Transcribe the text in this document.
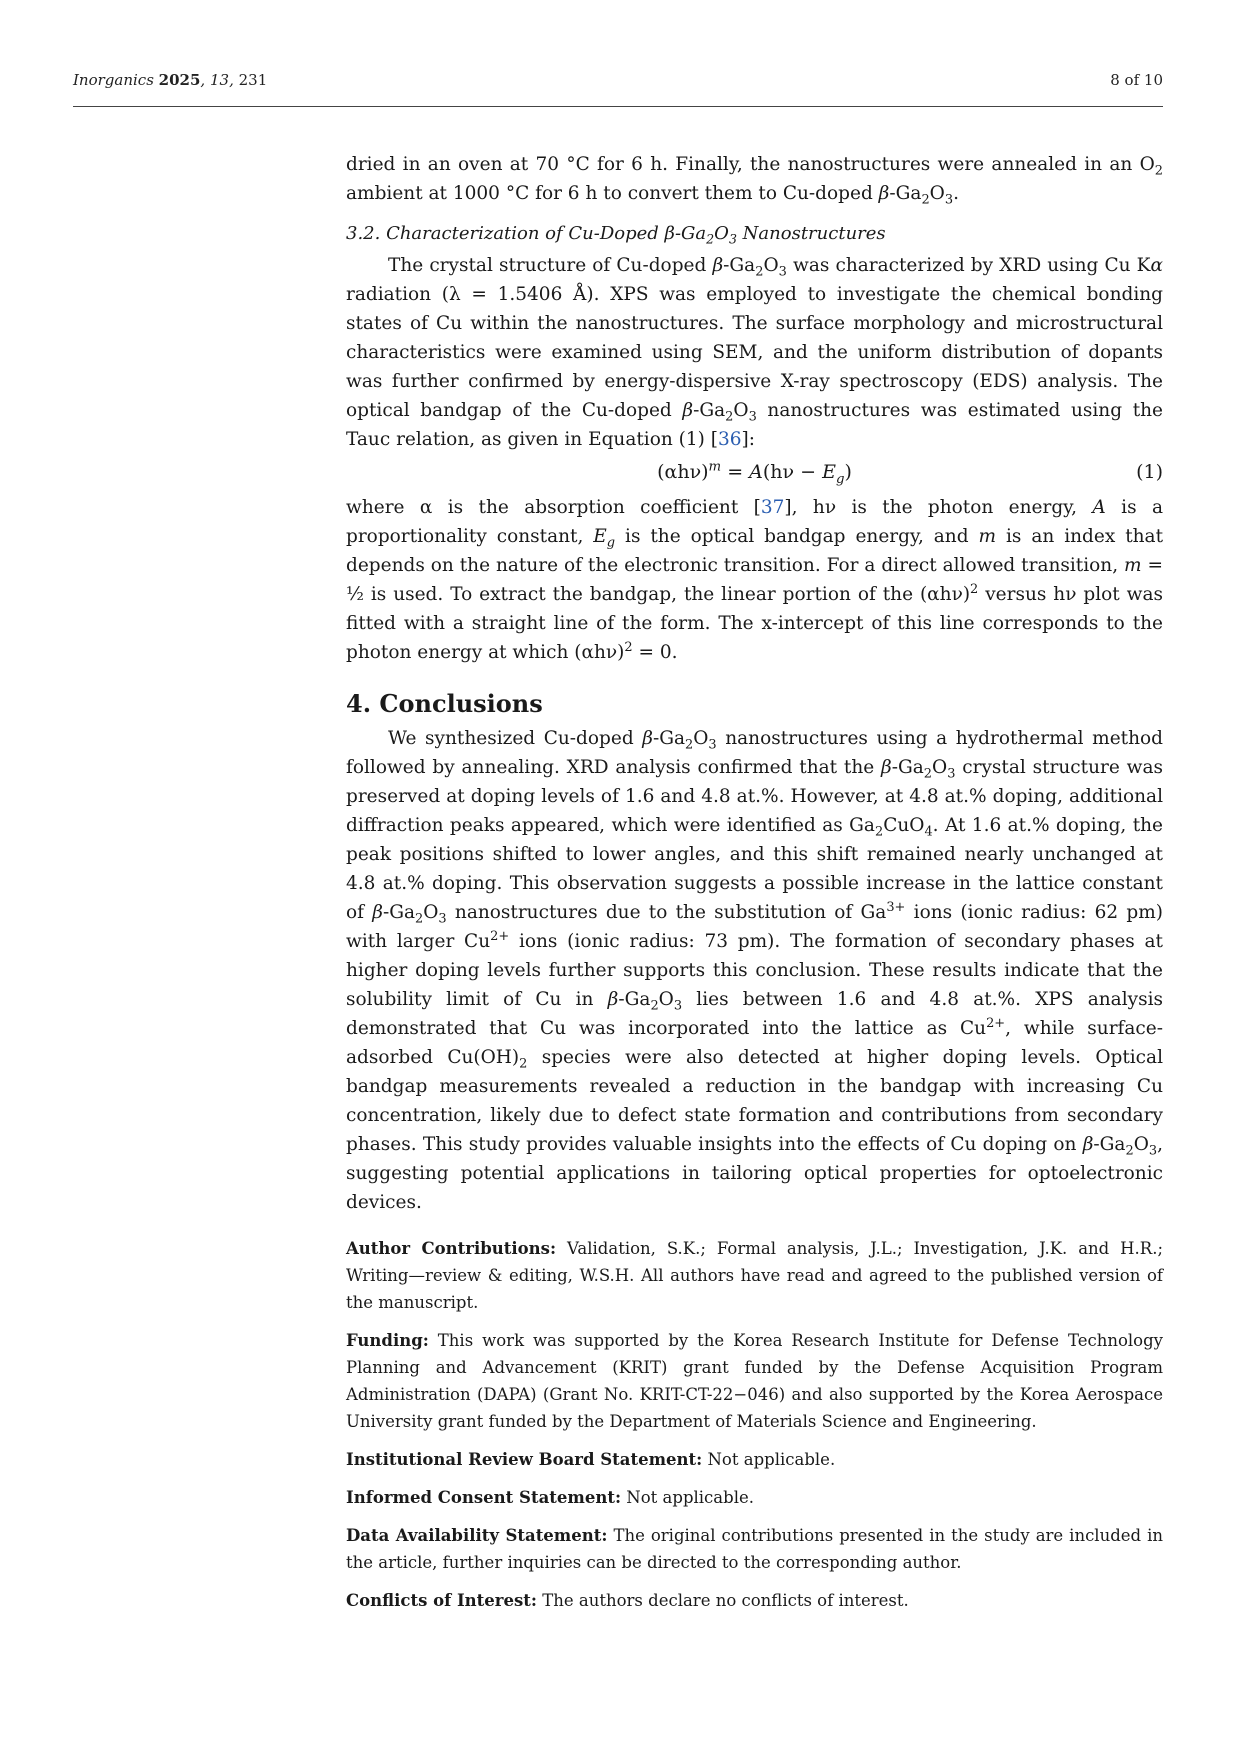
Inorganics 2025, 13, 231	8 of 10

dried in an oven at 70 °C for 6 h. Finally, the nanostructures were annealed in an $O_2$ ambient at 1000 °C for 6 h to convert them to Cu-doped $\beta-Ga_2O_3$.

3.2. Characterization of Cu-Doped $\beta-Ga_2O_3$ Nanostructures

The crystal structure of Cu-doped $\beta-Ga_2O_3$ was characterized by XRD using Cu Kα radiation (λ = 1.5406 Å). XPS was employed to investigate the chemical bonding states of Cu within the nanostructures. The surface morphology and microstructural characteristics were examined using SEM, and the uniform distribution of dopants was further confirmed by energy-dispersive X-ray spectroscopy (EDS) analysis. The optical bandgap of the Cu-doped $\beta-Ga_2O_3$ nanostructures was estimated using the Tauc relation, as given in Equation (1) [36]:

$(\alpha h\nu)^m = A(h\nu - E_g)$	(1)

where α is the absorption coefficient [37], hν is the photon energy, A is a proportionality constant, $E_g$ is the optical bandgap energy, and m is an index that depends on the nature of the electronic transition. For a direct allowed transition, m = ½ is used. To extract the bandgap, the linear portion of the $(\alpha h\nu)^2$ versus hν plot was fitted with a straight line of the form. The x-intercept of this line corresponds to the photon energy at which $(\alpha h\nu)^2 = 0$.

4. Conclusions

We synthesized Cu-doped $\beta-Ga_2O_3$ nanostructures using a hydrothermal method followed by annealing. XRD analysis confirmed that the $\beta-Ga_2O_3$ crystal structure was preserved at doping levels of 1.6 and 4.8 at.%. However, at 4.8 at.% doping, additional diffraction peaks appeared, which were identified as $Ga_2CuO_4$. At 1.6 at.% doping, the peak positions shifted to lower angles, and this shift remained nearly unchanged at 4.8 at.% doping. This observation suggests a possible increase in the lattice constant of $\beta-Ga_2O_3$ nanostructures due to the substitution of $Ga^{3+}$ ions (ionic radius: 62 pm) with larger $Cu^{2+}$ ions (ionic radius: 73 pm). The formation of secondary phases at higher doping levels further supports this conclusion. These results indicate that the solubility limit of Cu in $\beta-Ga_2O_3$ lies between 1.6 and 4.8 at.%. XPS analysis demonstrated that Cu was incorporated into the lattice as $Cu^{2+}$, while surface-adsorbed $Cu(OH)_2$ species were also detected at higher doping levels. Optical bandgap measurements revealed a reduction in the bandgap with increasing Cu concentration, likely due to defect state formation and contributions from secondary phases. This study provides valuable insights into the effects of Cu doping on $\beta-Ga_2O_3$, suggesting potential applications in tailoring optical properties for optoelectronic devices.

Author Contributions: Validation, S.K.; Formal analysis, J.L.; Investigation, J.K. and H.R.; Writing—review & editing, W.S.H. All authors have read and agreed to the published version of the manuscript.
Funding: This work was supported by the Korea Research Institute for Defense Technology Planning and Advancement (KRIT) grant funded by the Defense Acquisition Program Administration (DAPA) (Grant No. KRIT-CT-22−046) and also supported by the Korea Aerospace University grant funded by the Department of Materials Science and Engineering.
Institutional Review Board Statement: Not applicable.
Informed Consent Statement: Not applicable.
Data Availability Statement: The original contributions presented in the study are included in the article, further inquiries can be directed to the corresponding author.
Conflicts of Interest: The authors declare no conflicts of interest.
